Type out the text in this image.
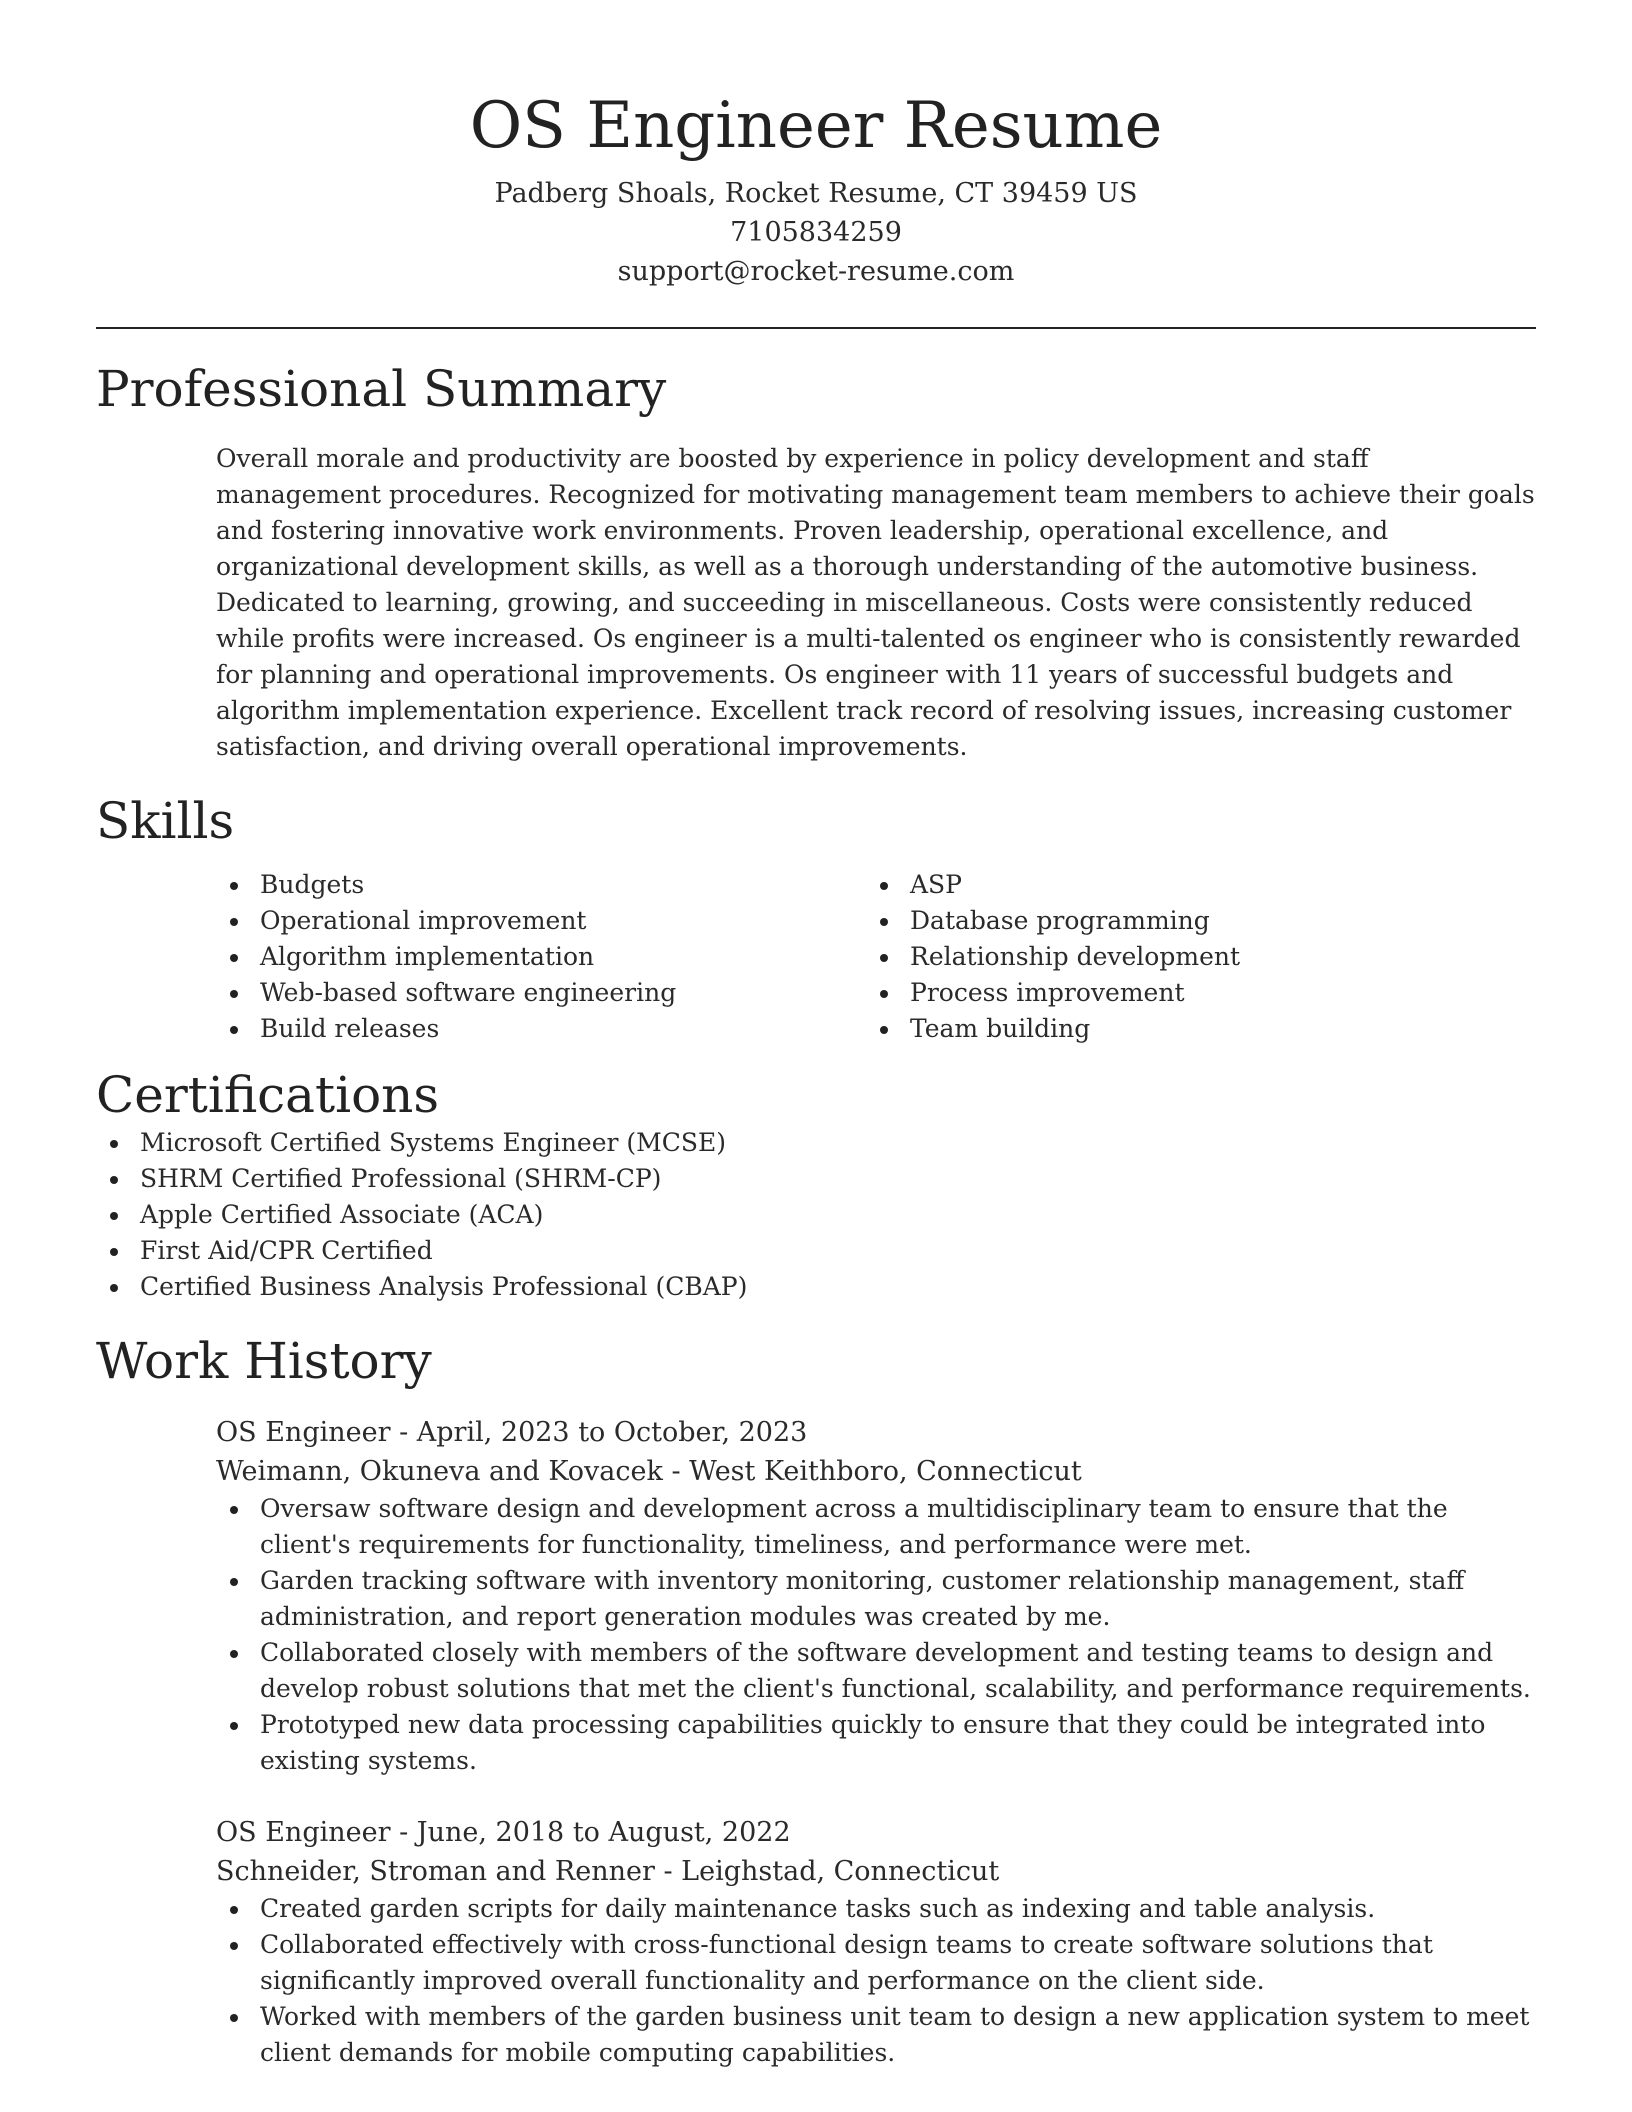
OS Engineer Resume
Padberg Shoals, Rocket Resume, CT 39459 US
7105834259
support@rocket-resume.com
Professional Summary
Overall morale and productivity are boosted by experience in policy development and staff management procedures. Recognized for motivating management team members to achieve their goals and fostering innovative work environments. Proven leadership, operational excellence, and organizational development skills, as well as a thorough understanding of the automotive business. Dedicated to learning, growing, and succeeding in miscellaneous. Costs were consistently reduced while profits were increased. Os engineer is a multi-talented os engineer who is consistently rewarded for planning and operational improvements. Os engineer with 11 years of successful budgets and algorithm implementation experience. Excellent track record of resolving issues, increasing customer satisfaction, and driving overall operational improvements.
Skills
Budgets
Operational improvement
Algorithm implementation
Web-based software engineering
Build releases
ASP
Database programming
Relationship development
Process improvement
Team building
Certifications
Microsoft Certified Systems Engineer (MCSE)
SHRM Certified Professional (SHRM-CP)
Apple Certified Associate (ACA)
First Aid/CPR Certified
Certified Business Analysis Professional (CBAP)
Work History
OS Engineer - April, 2023 to October, 2023
Weimann, Okuneva and Kovacek - West Keithboro, Connecticut
Oversaw software design and development across a multidisciplinary team to ensure that the client's requirements for functionality, timeliness, and performance were met.
Garden tracking software with inventory monitoring, customer relationship management, staff administration, and report generation modules was created by me.
Collaborated closely with members of the software development and testing teams to design and develop robust solutions that met the client's functional, scalability, and performance requirements.
Prototyped new data processing capabilities quickly to ensure that they could be integrated into existing systems.
OS Engineer - June, 2018 to August, 2022
Schneider, Stroman and Renner - Leighstad, Connecticut
Created garden scripts for daily maintenance tasks such as indexing and table analysis.
Collaborated effectively with cross-functional design teams to create software solutions that significantly improved overall functionality and performance on the client side.
Worked with members of the garden business unit team to design a new application system to meet client demands for mobile computing capabilities.
